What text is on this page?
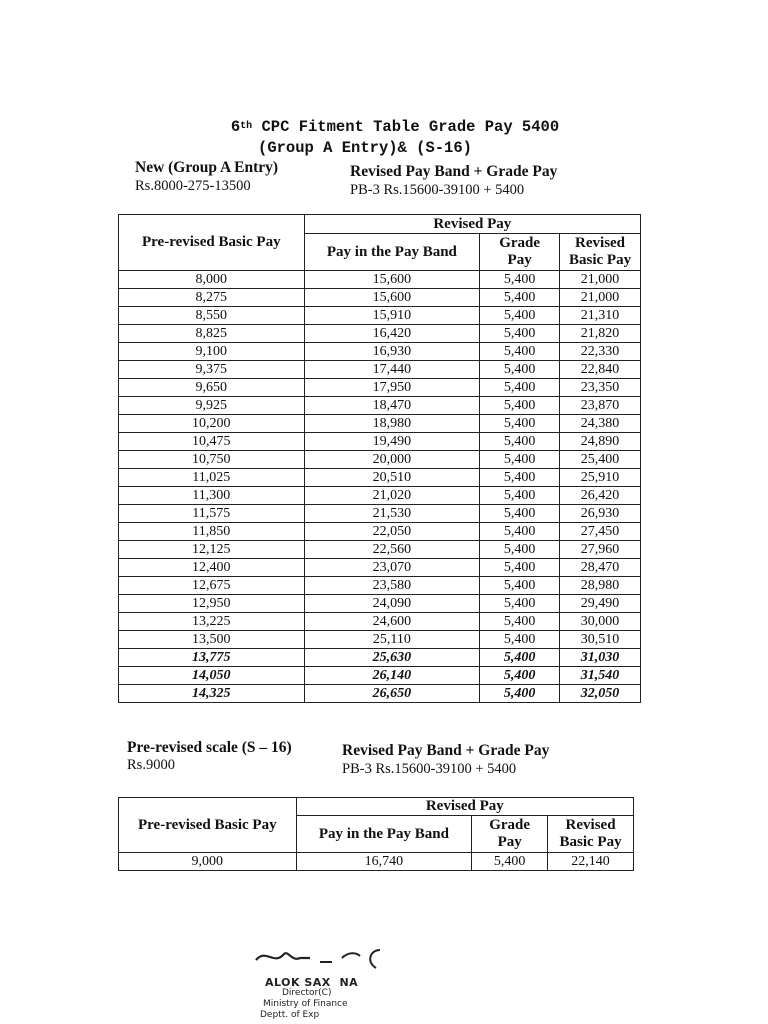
6th CPC Fitment Table Grade Pay 5400
(Group A Entry)& (S-16)
New (Group A Entry)
Rs.8000-275-13500
Revised Pay Band + Grade Pay
PB-3 Rs.15600-39100 + 5400
Pre-revised Basic Pay	Revised Pay		
	Pay in the Pay Band	Grade
Pay	Revised
Basic Pay
8,000	15,600	5,400	21,000
8,275	15,600	5,400	21,000
8,550	15,910	5,400	21,310
8,825	16,420	5,400	21,820
9,100	16,930	5,400	22,330
9,375	17,440	5,400	22,840
9,650	17,950	5,400	23,350
9,925	18,470	5,400	23,870
10,200	18,980	5,400	24,380
10,475	19,490	5,400	24,890
10,750	20,000	5,400	25,400
11,025	20,510	5,400	25,910
11,300	21,020	5,400	26,420
11,575	21,530	5,400	26,930
11,850	22,050	5,400	27,450
12,125	22,560	5,400	27,960
12,400	23,070	5,400	28,470
12,675	23,580	5,400	28,980
12,950	24,090	5,400	29,490
13,225	24,600	5,400	30,000
13,500	25,110	5,400	30,510
13,775	25,630	5,400	31,030
14,050	26,140	5,400	31,540
14,325	26,650	5,400	32,050
Pre-revised scale (S – 16)
Rs.9000
Revised Pay Band + Grade Pay
PB-3 Rs.15600-39100 + 5400
Pre-revised Basic Pay	Revised Pay		
	Pay in the Pay Band	Grade
Pay	Revised
Basic Pay
9,000	16,740	5,400	22,140
ALOK SAX NA
Director(C)
Ministry of Finance
Deptt. of Exp
